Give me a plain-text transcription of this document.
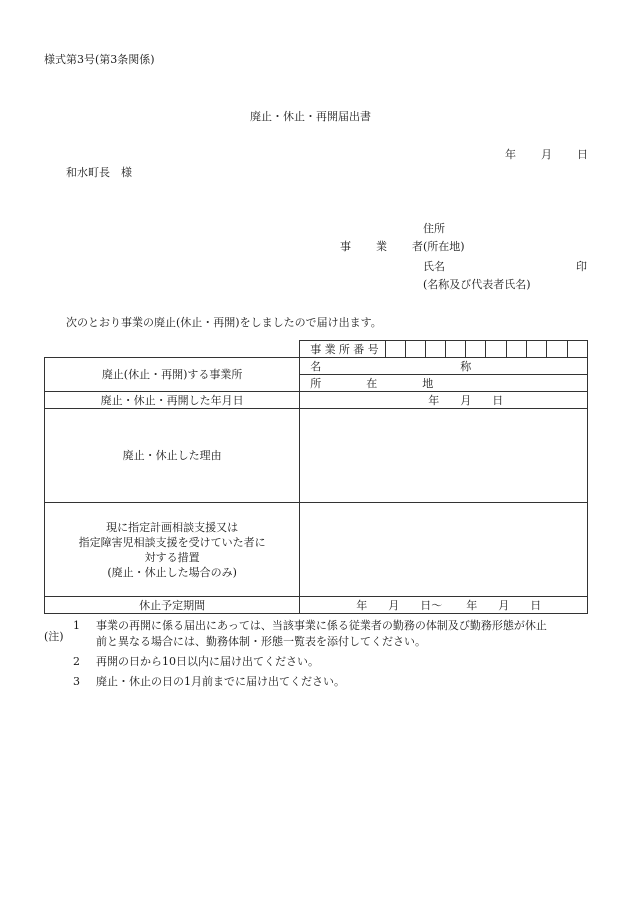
様式第3号(第3条関係)
廃止・休止・再開届出書
年 月 日
和水町長　様
住所
事 業 者 (所在地)
氏名	印
(名称及び代表者氏名)
次のとおり事業の廃止(休止・再開)をしましたので届け出ます。

	事 業 所 番 号										

廃止(休止・再開)する事業所	名 称										
	所 在 地										
廃止・休止・再開した年月日	年 月 日										
廃止・休止した理由											

現に指定計画相談支援又は
指定障害児相談支援を受けていた者に
対する措置
(廃止・休止した場合のみ)											

休止予定期間	年 月 日〜 年 月 日										
(注)
1	事業の再開に係る届出にあっては、当該事業に係る従業者の勤務の体制及び勤務形態が休止
前と異なる場合には、勤務体制・形態一覧表を添付してください。
2	再開の日から10日以内に届け出てください。
3	廃止・休止の日の1月前までに届け出てください。
